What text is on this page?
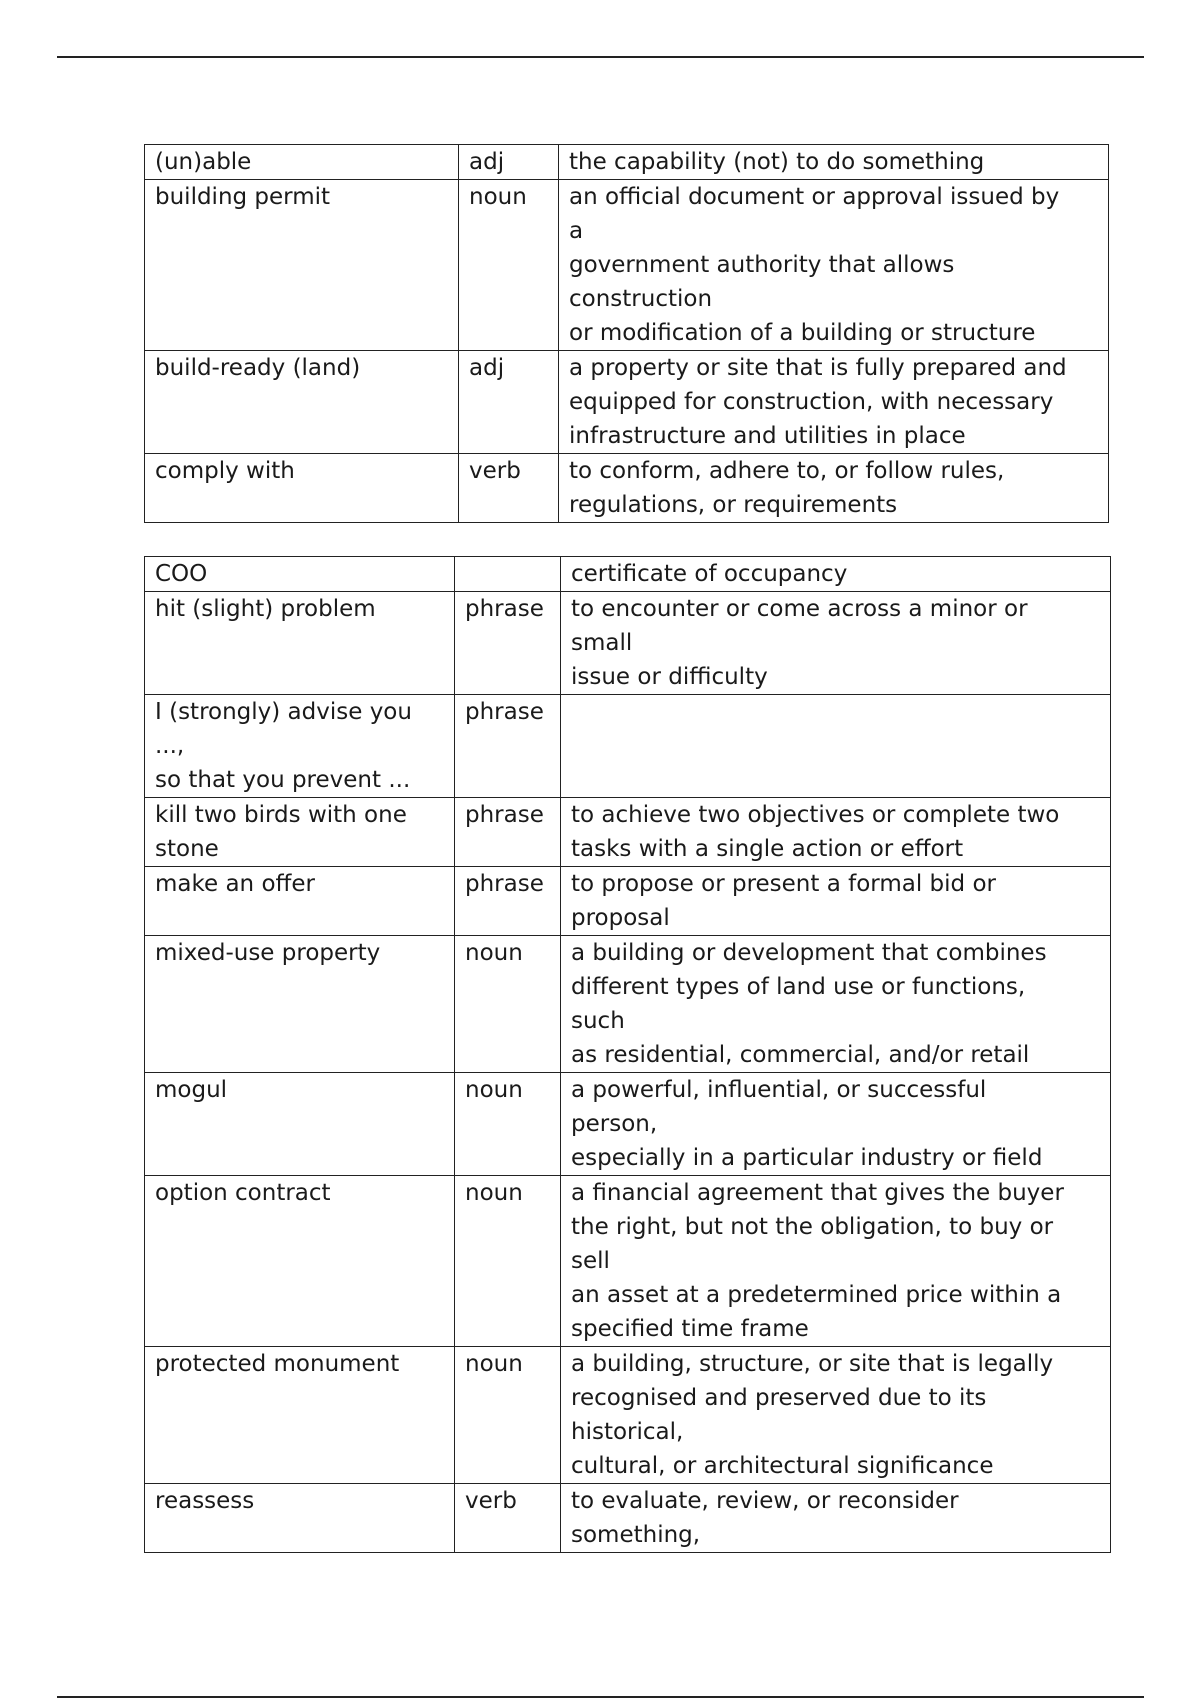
(un)able	adj	the capability (not) to do something

building permit	noun	an official document or approval issued by
a
government authority that allows
construction
or modification of a building or structure

build-ready (land)	adj	a property or site that is fully prepared and
equipped for construction, with necessary
infrastructure and utilities in place

comply with	verb	to conform, adhere to, or follow rules,
regulations, or requirements
COO		certificate of occupancy

hit (slight) problem	phrase	to encounter or come across a minor or
small
issue or difficulty

I (strongly) advise you
...,
so that you prevent ...	phrase	

kill two birds with one
stone	phrase	to achieve two objectives or complete two
tasks with a single action or effort

make an offer	phrase	to propose or present a formal bid or
proposal

mixed-use property	noun	a building or development that combines
different types of land use or functions,
such
as residential, commercial, and/or retail

mogul	noun	a powerful, influential, or successful
person,
especially in a particular industry or field

option contract	noun	a financial agreement that gives the buyer
the right, but not the obligation, to buy or
sell
an asset at a predetermined price within a
specified time frame

protected monument	noun	a building, structure, or site that is legally
recognised and preserved due to its
historical,
cultural, or architectural significance

reassess	verb	to evaluate, review, or reconsider
something,
